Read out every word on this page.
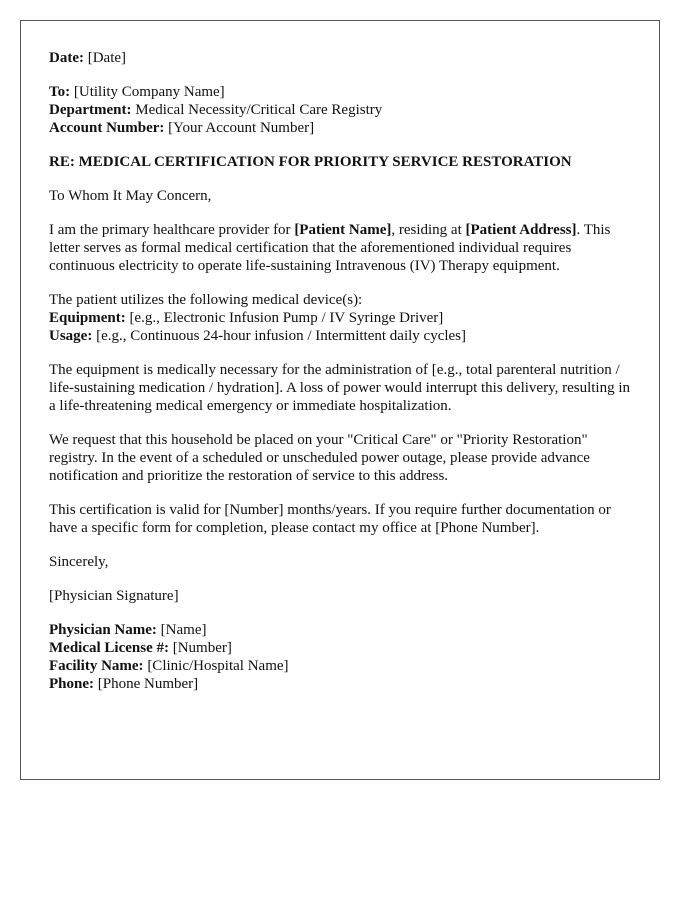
Date: [Date]
To: [Utility Company Name]
Department: Medical Necessity/Critical Care Registry
Account Number: [Your Account Number]
RE: MEDICAL CERTIFICATION FOR PRIORITY SERVICE RESTORATION
To Whom It May Concern,
I am the primary healthcare provider for [Patient Name], residing at [Patient Address]. This letter serves as formal medical certification that the aforementioned individual requires continuous electricity to operate life-sustaining Intravenous (IV) Therapy equipment.
The patient utilizes the following medical device(s):
Equipment: [e.g., Electronic Infusion Pump / IV Syringe Driver]
Usage: [e.g., Continuous 24-hour infusion / Intermittent daily cycles]
The equipment is medically necessary for the administration of [e.g., total parenteral nutrition / life-sustaining medication / hydration]. A loss of power would interrupt this delivery, resulting in a life-threatening medical emergency or immediate hospitalization.
We request that this household be placed on your "Critical Care" or "Priority Restoration" registry. In the event of a scheduled or unscheduled power outage, please provide advance notification and prioritize the restoration of service to this address.
This certification is valid for [Number] months/years. If you require further documentation or have a specific form for completion, please contact my office at [Phone Number].
Sincerely,
[Physician Signature]
Physician Name: [Name]
Medical License #: [Number]
Facility Name: [Clinic/Hospital Name]
Phone: [Phone Number]
